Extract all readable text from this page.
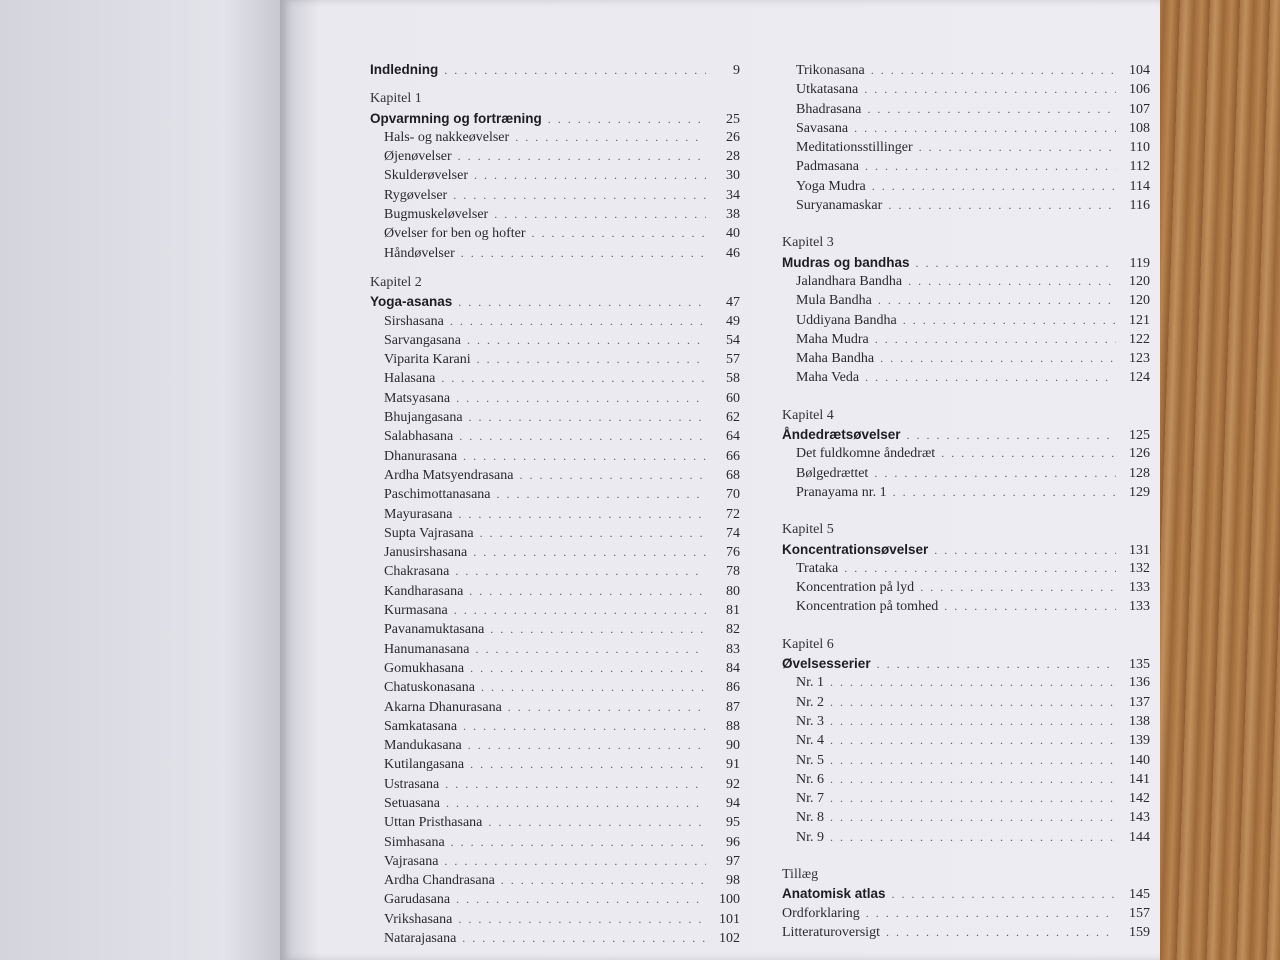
Indledning . . .	9
Kapitel 1
Opvarmning og fortræning . . .	25
Hals- og nakkeøvelser . . .	26
Øjenøvelser . . .	28
Skulderøvelser . . .	30
Rygøvelser . . .	34
Bugmuskeløvelser . . .	38
Øvelser for ben og hofter . . .	40
Håndøvelser . . .	46
Kapitel 2
Yoga-asanas . . .	47
Sirshasana . . .	49
Sarvangasana . . .	54
Viparita Karani . . .	57
Halasana . . .	58
Matsyasana . . .	60
Bhujangasana . . .	62
Salabhasana . . .	64
Dhanurasana . . .	66
Ardha Matsyendrasana . . .	68
Paschimottanasana . . .	70
Mayurasana . . .	72
Supta Vajrasana . . .	74
Janusirshasana . . .	76
Chakrasana . . .	78
Kandharasana . . .	80
Kurmasana . . .	81
Pavanamuktasana . . .	82
Hanumanasana . . .	83
Gomukhasana . . .	84
Chatuskonasana . . .	86
Akarna Dhanurasana . . .	87
Samkatasana . . .	88
Mandukasana . . .	90
Kutilangasana . . .	91
Ustrasana . . .	92
Setuasana . . .	94
Uttan Pristhasana . . .	95
Simhasana . . .	96
Vajrasana . . .	97
Ardha Chandrasana . . .	98
Garudasana . . .	100
Vrikshasana . . .	101
Natarajasana . . .	102
Trikonasana . . .	104
Utkatasana . . .	106
Bhadrasana . . .	107
Savasana . . .	108
Meditationsstillinger . . .	110
Padmasana . . .	112
Yoga Mudra . . .	114
Suryanamaskar . . .	116
Kapitel 3
Mudras og bandhas . . .	119
Jalandhara Bandha . . .	120
Mula Bandha . . .	120
Uddiyana Bandha . . .	121
Maha Mudra . . .	122
Maha Bandha . . .	123
Maha Veda . . .	124
Kapitel 4
Åndedrætsøvelser . . .	125
Det fuldkomne åndedræt . . .	126
Bølgedrættet . . .	128
Pranayama nr. 1 . . .	129
Kapitel 5
Koncentrationsøvelser . . .	131
Trataka . . .	132
Koncentration på lyd . . .	133
Koncentration på tomhed . . .	133
Kapitel 6
Øvelsesserier . . .	135
Nr. 1 . . .	136
Nr. 2 . . .	137
Nr. 3 . . .	138
Nr. 4 . . .	139
Nr. 5 . . .	140
Nr. 6 . . .	141
Nr. 7 . . .	142
Nr. 8 . . .	143
Nr. 9 . . .	144
Tillæg
Anatomisk atlas . . .	145
Ordforklaring . . .	157
Litteraturoversigt . . .	159
